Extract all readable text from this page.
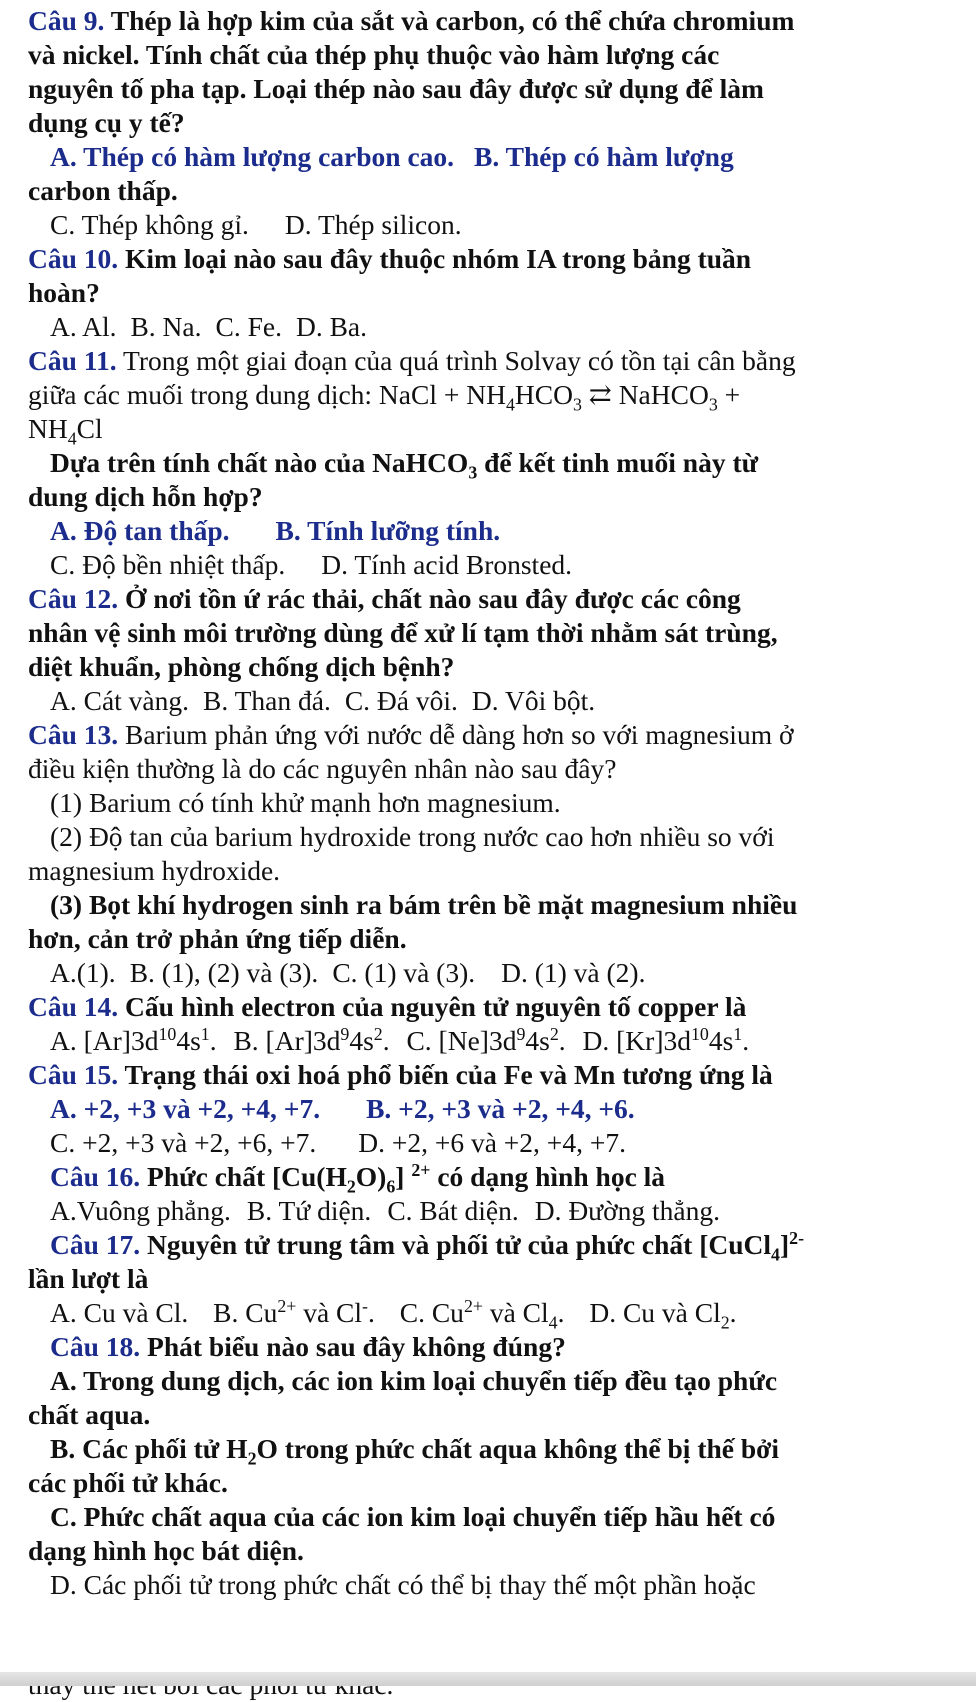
Câu 9. Thép là hợp kim của sắt và carbon, có thể chứa chromium
và nickel. Tính chất của thép phụ thuộc vào hàm lượng các
nguyên tố pha tạp. Loại thép nào sau đây được sử dụng để làm
dụng cụ y tế?
A. Thép có hàm lượng carbon cao. B. Thép có hàm lượng
carbon thấp.
C. Thép không gỉ. D. Thép silicon.
Câu 10. Kim loại nào sau đây thuộc nhóm IA trong bảng tuần
hoàn?
A. Al. B. Na. C. Fe. D. Ba.
Câu 11. Trong một giai đoạn của quá trình Solvay có tồn tại cân bằng
giữa các muối trong dung dịch: NaCl + $NH_4HCO_3$ ⇄ NaHCO$_3$ +
$NH_4Cl$
Dựa trên tính chất nào của NaHCO$_3$ để kết tinh muối này từ
dung dịch hỗn hợp?
A. Độ tan thấp. B. Tính lưỡng tính.
C. Độ bền nhiệt thấp. D. Tính acid Bronsted.
Câu 12. Ở nơi tồn ứ rác thải, chất nào sau đây được các công
nhân vệ sinh môi trường dùng để xử lí tạm thời nhằm sát trùng,
diệt khuẩn, phòng chống dịch bệnh?
A. Cát vàng. B. Than đá. C. Đá vôi. D. Vôi bột.
Câu 13. Barium phản ứng với nước dễ dàng hơn so với magnesium ở
điều kiện thường là do các nguyên nhân nào sau đây?
(1) Barium có tính khử mạnh hơn magnesium.
(2) Độ tan của barium hydroxide trong nước cao hơn nhiều so với
magnesium hydroxide.
(3) Bọt khí hydrogen sinh ra bám trên bề mặt magnesium nhiều
hơn, cản trở phản ứng tiếp diễn.
A.(1). B. (1), (2) và (3). C. (1) và (3). D. (1) và (2).
Câu 14. Cấu hình electron của nguyên tử nguyên tố copper là
A. $[Ar]3d^{10}4s^1$. B. $[Ar]3d^94s^2$. C. $[Ne]3d^94s^2$. D. $[Kr]3d^{10}4s^1$.
Câu 15. Trạng thái oxi hoá phổ biến của Fe và Mn tương ứng là
A. +2, +3 và +2, +4, +7. B. +2, +3 và +2, +4, +6.
C. +2, +3 và +2, +6, +7. D. +2, +6 và +2, +4, +7.
Câu 16. Phức chất $[Cu(H_2O)_6]$ $^{2+}$ có dạng hình học là
A.Vuông phẳng. B. Tứ diện. C. Bát diện. D. Đường thẳng.
Câu 17. Nguyên tử trung tâm và phối tử của phức chất [CuCl$_4$]$^{2-}$
lần lượt là
A. Cu và Cl. B. $Cu^{2+}$ và Cl-. C. $Cu^{2+}$ và $Cl_4$. D. Cu và $Cl_2$.
Câu 18. Phát biểu nào sau đây không đúng?
A. Trong dung dịch, các ion kim loại chuyển tiếp đều tạo phức
chất aqua.
B. Các phối tử $H_2O$ trong phức chất aqua không thể bị thế bởi
các phối tử khác.
C. Phức chất aqua của các ion kim loại chuyển tiếp hầu hết có
dạng hình học bát diện.
D. Các phối tử trong phức chất có thể bị thay thế một phần hoặc
